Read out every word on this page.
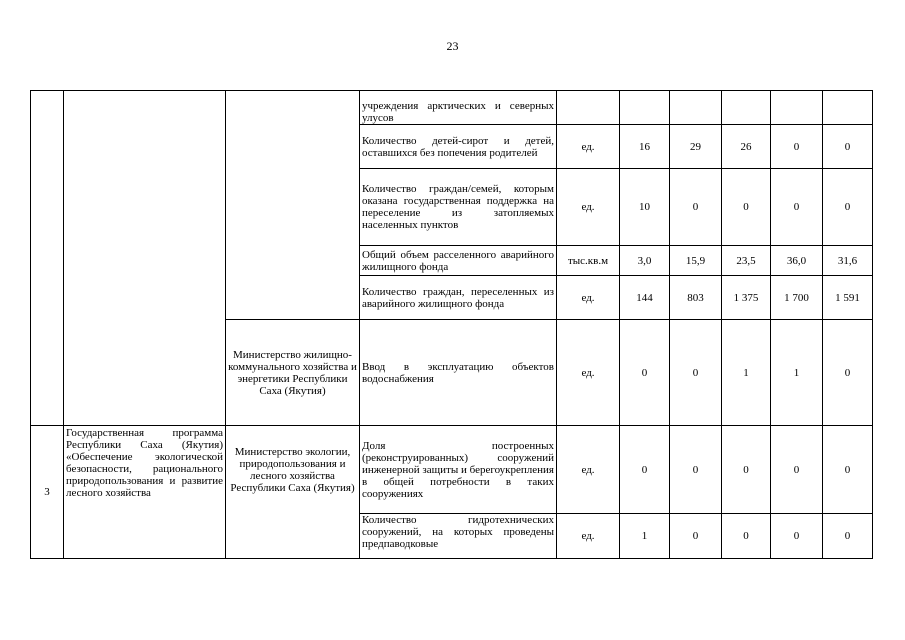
23
			учреждения арктических и северных улусов						
			Количество детей-сирот и детей, оставшихся без попечения родителей	ед.	16	29	26	0	0
			Количество граждан/семей, которым оказана государственная поддержка на переселение из затопляемых населенных пунктов	ед.	10	0	0	0	0
			Общий объем расселенного аварийного жилищного фонда	тыс.кв.м	3,0	15,9	23,5	36,0	31,6
			Количество граждан, переселенных из аварийного жилищного фонда	ед.	144	803	1 375	1 700	1 591
		Министерство жилищно-коммунального хозяйства и энергетики Республики Саха (Якутия)	Ввод в эксплуатацию объектов водоснабжения	ед.	0	0	1	1	0
3	Государственная программа Республики Саха (Якутия) «Обеспечение экологической безопасности, рационального природопользования и развитие лесного хозяйства	Министерство экологии, природопользования и лесного хозяйства Республики Саха (Якутия)	Доля построенных (реконструированных) сооружений инженерной защиты и берегоукрепления в общей потребности в таких сооружениях	ед.	0	0	0	0	0
			Количество гидротехнических сооружений, на которых проведены предпаводковые	ед.	1	0	0	0	0
